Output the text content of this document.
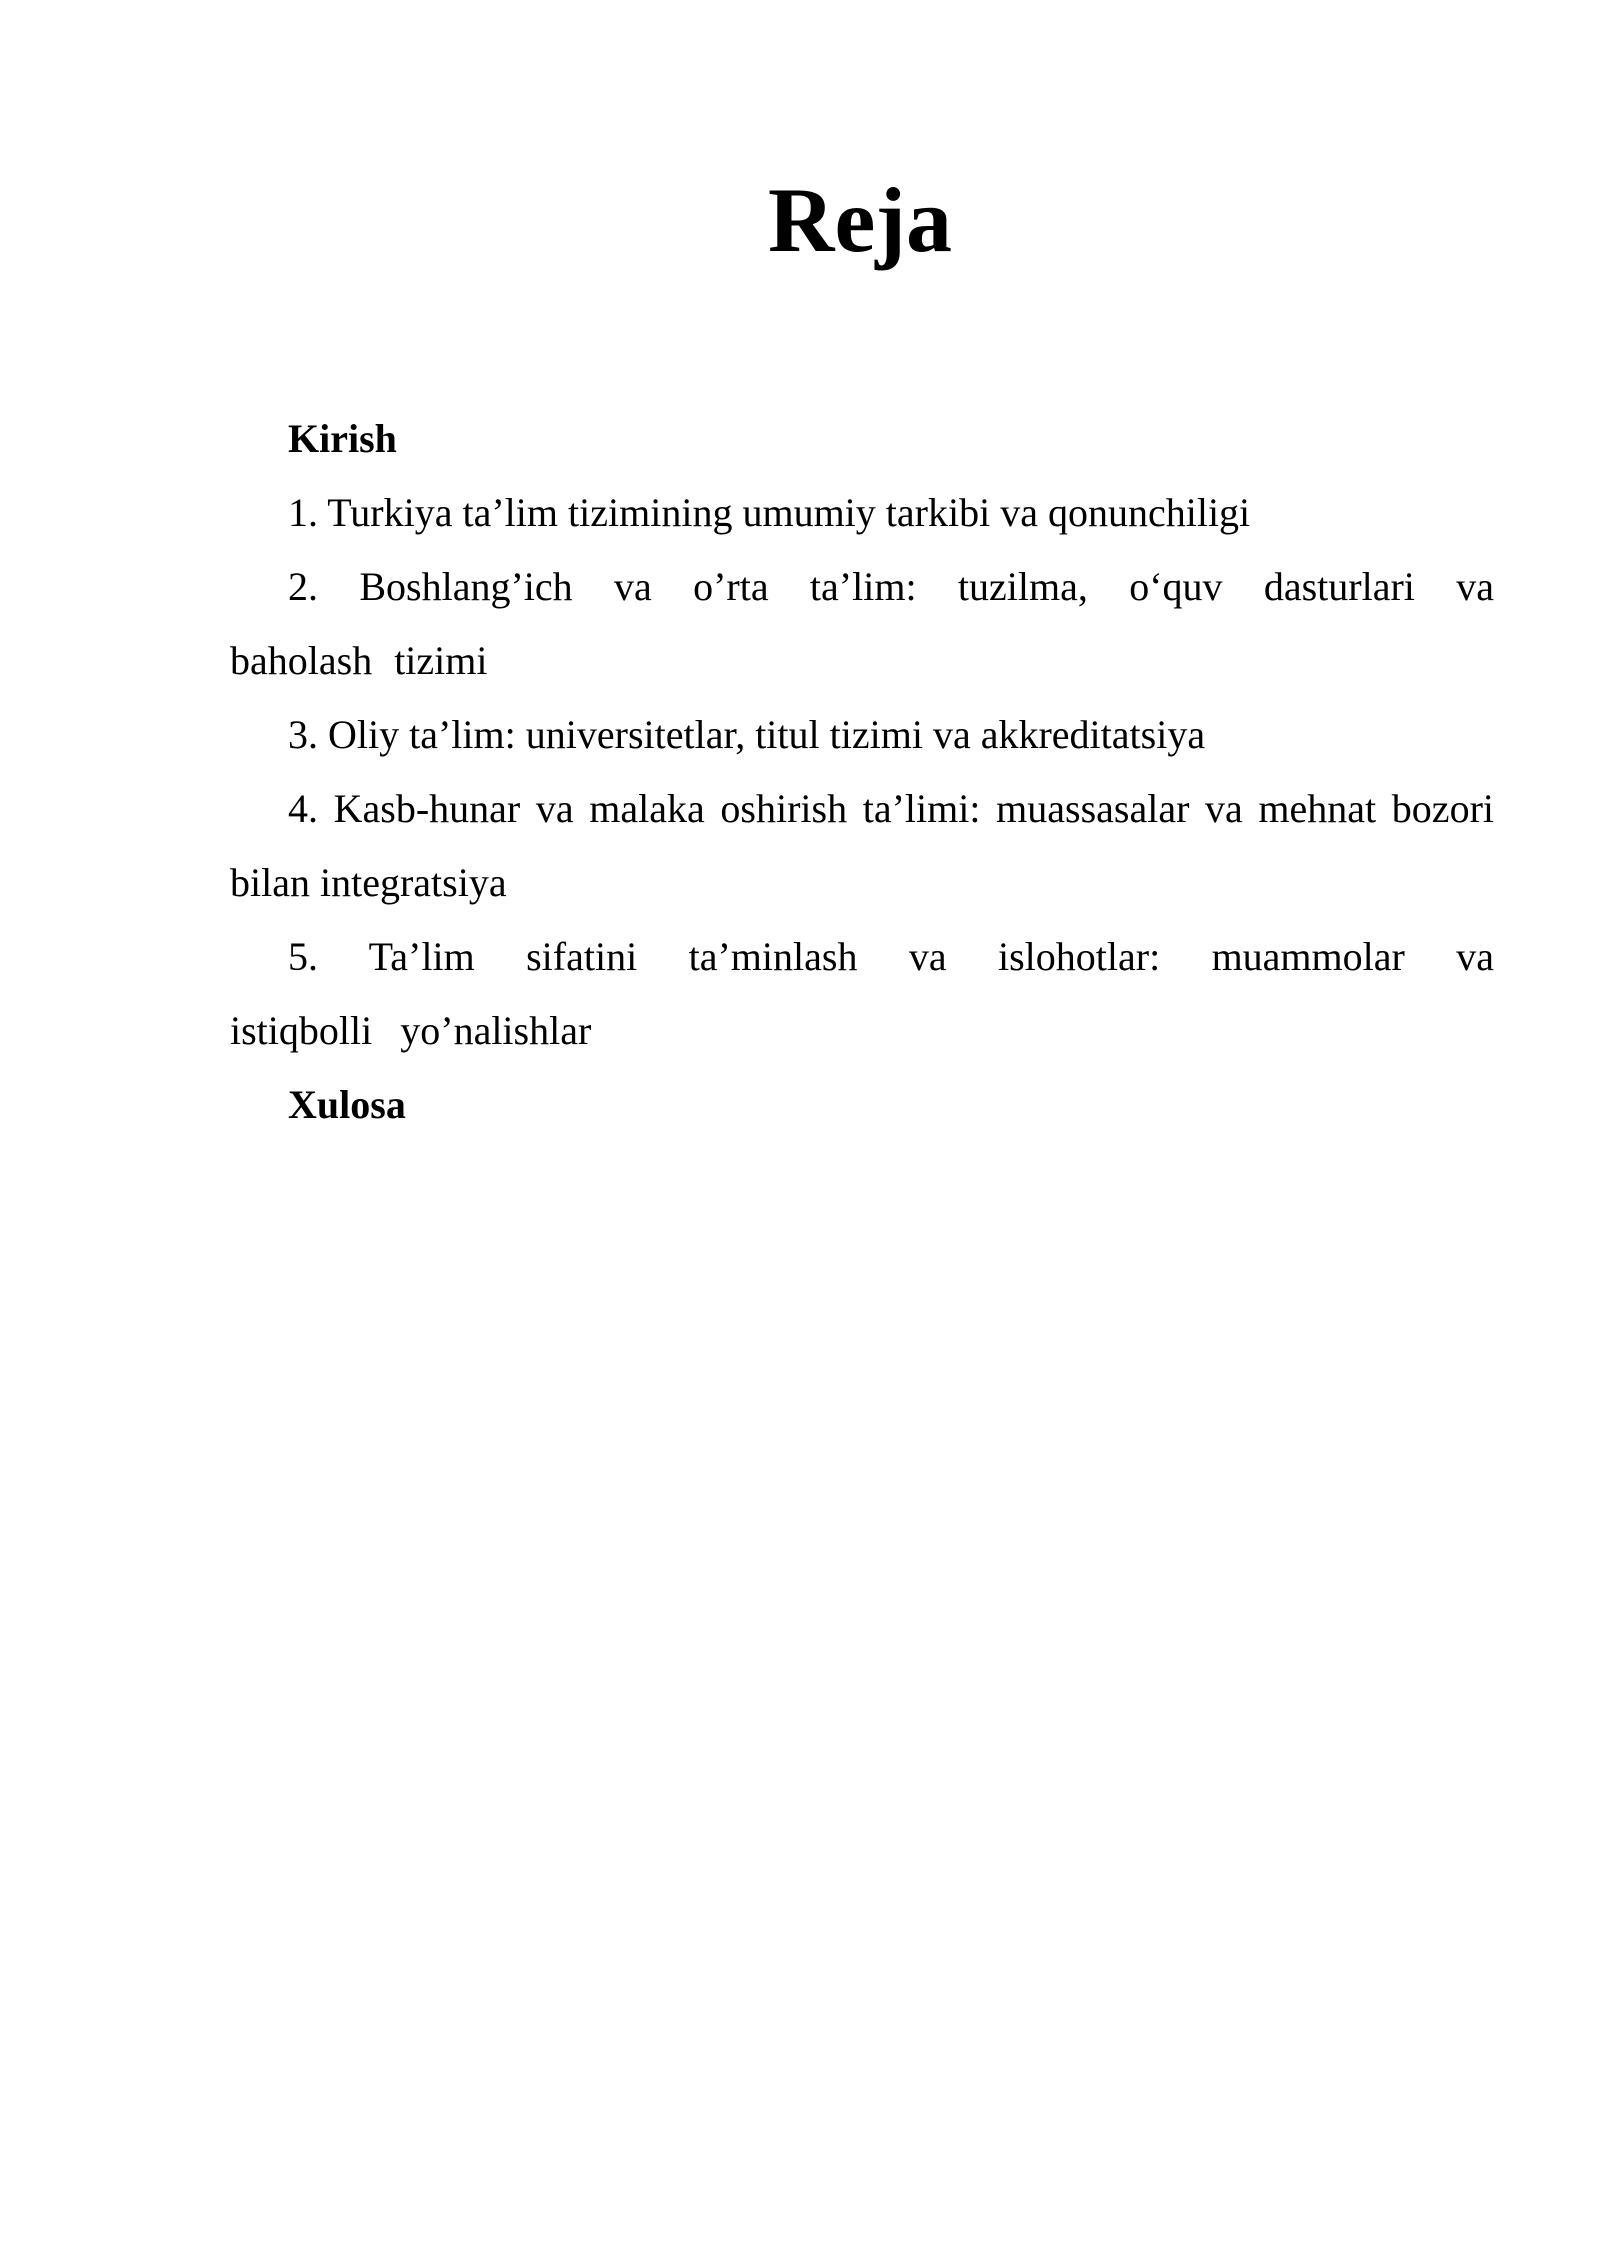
Reja

Kirish

1. Turkiya ta’lim tizimining umumiy tarkibi va qonunchiligi

2. Boshlang’ich va o’rta ta’lim: tuzilma, o‘quv dasturlari va baholash tizimi

3. Oliy ta’lim: universitetlar, titul tizimi va akkreditatsiya

4. Kasb-hunar va malaka oshirish ta’limi: muassasalar va mehnat bozori bilan integratsiya

5. Ta’lim sifatini ta’minlash va islohotlar: muammolar va istiqbolli yo’nalishlar

Xulosa
